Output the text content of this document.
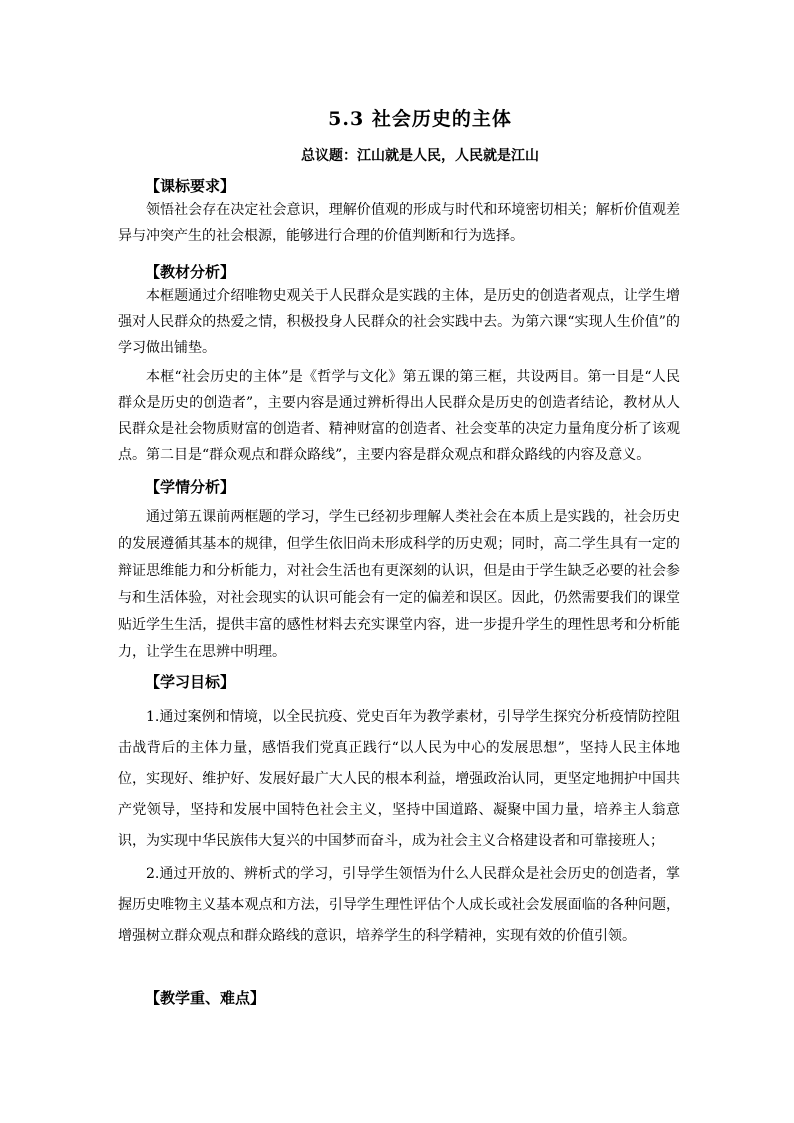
5.3 社会历史的主体
总议题：江山就是人民，人民就是江山
【课标要求】
领悟社会存在决定社会意识，理解价值观的形成与时代和环境密切相关；解析价值观差异与冲突产生的社会根源，能够进行合理的价值判断和行为选择。
【教材分析】
本框题通过介绍唯物史观关于人民群众是实践的主体，是历史的创造者观点，让学生增强对人民群众的热爱之情，积极投身人民群众的社会实践中去。为第六课“实现人生价值”的学习做出铺垫。
本框“社会历史的主体”是《哲学与文化》第五课的第三框，共设两目。第一目是“人民群众是历史的创造者”，主要内容是通过辨析得出人民群众是历史的创造者结论，教材从人民群众是社会物质财富的创造者、精神财富的创造者、社会变革的决定力量角度分析了该观点。第二目是“群众观点和群众路线”，主要内容是群众观点和群众路线的内容及意义。
【学情分析】
通过第五课前两框题的学习，学生已经初步理解人类社会在本质上是实践的，社会历史的发展遵循其基本的规律，但学生依旧尚未形成科学的历史观；同时，高二学生具有一定的辩证思维能力和分析能力，对社会生活也有更深刻的认识，但是由于学生缺乏必要的社会参与和生活体验，对社会现实的认识可能会有一定的偏差和误区。因此，仍然需要我们的课堂贴近学生生活，提供丰富的感性材料去充实课堂内容，进一步提升学生的理性思考和分析能力，让学生在思辨中明理。
【学习目标】
1.通过案例和情境，以全民抗疫、党史百年为教学素材，引导学生探究分析疫情防控阻击战背后的主体力量，感悟我们党真正践行“以人民为中心的发展思想”，坚持人民主体地位，实现好、维护好、发展好最广大人民的根本利益，增强政治认同，更坚定地拥护中国共产党领导，坚持和发展中国特色社会主义，坚持中国道路、凝聚中国力量，培养主人翁意识，为实现中华民族伟大复兴的中国梦而奋斗，成为社会主义合格建设者和可靠接班人；
2.通过开放的、辨析式的学习，引导学生领悟为什么人民群众是社会历史的创造者，掌握历史唯物主义基本观点和方法，引导学生理性评估个人成长或社会发展面临的各种问题，增强树立群众观点和群众路线的意识，培养学生的科学精神，实现有效的价值引领。
【教学重、难点】
